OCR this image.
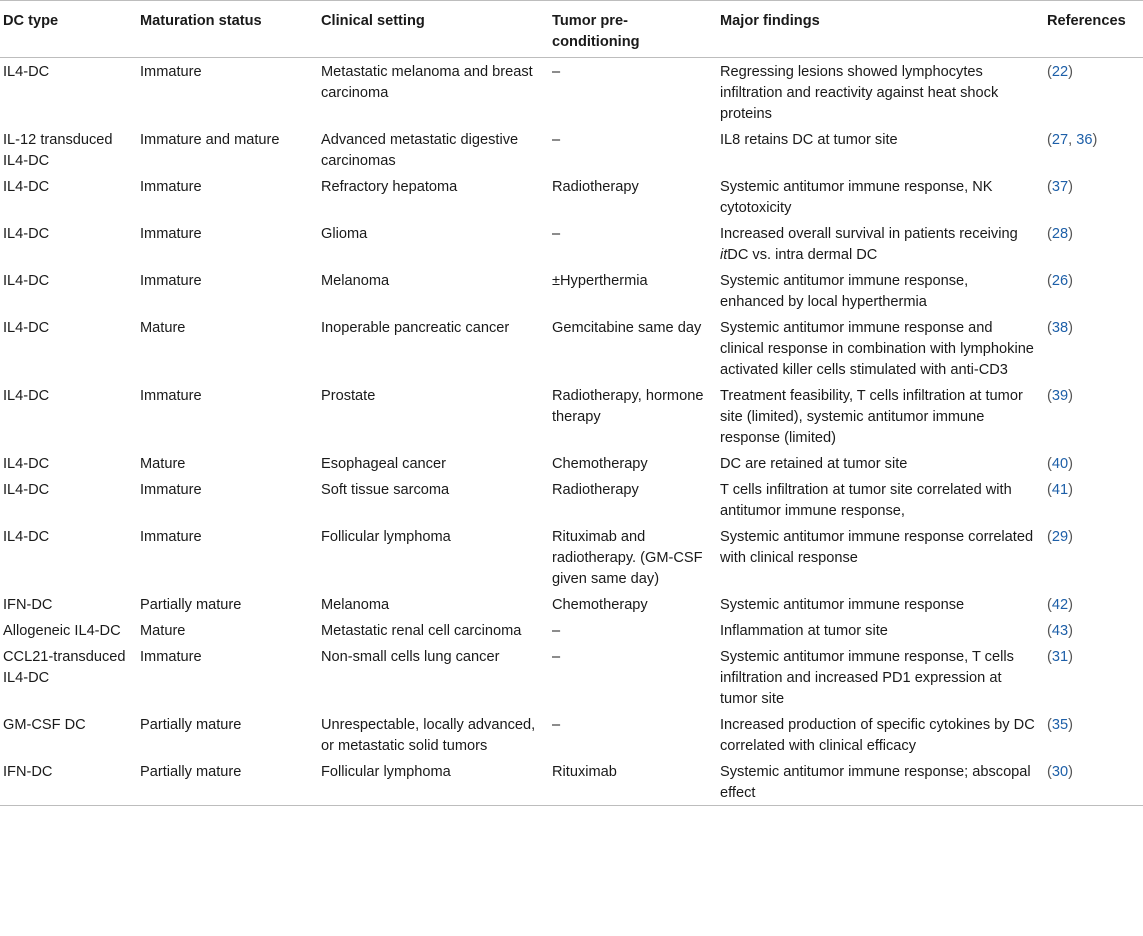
DC type	Maturation status	Clinical setting	Tumor pre-conditioning	Major findings	References
IL4-DC	Immature	Metastatic melanoma and breast carcinoma	–	Regressing lesions showed lymphocytes infiltration and reactivity against heat shock proteins	(22)
IL-12 transduced IL4-DC	Immature and mature	Advanced metastatic digestive carcinomas	–	IL8 retains DC at tumor site	(27, 36)
IL4-DC	Immature	Refractory hepatoma	Radiotherapy	Systemic antitumor immune response, NK cytotoxicity	(37)
IL4-DC	Immature	Glioma	–	Increased overall survival in patients receiving itDC vs. intra dermal DC	(28)
IL4-DC	Immature	Melanoma	±Hyperthermia	Systemic antitumor immune response, enhanced by local hyperthermia	(26)
IL4-DC	Mature	Inoperable pancreatic cancer	Gemcitabine same day	Systemic antitumor immune response and clinical response in combination with lymphokine activated killer cells stimulated with anti-CD3	(38)
IL4-DC	Immature	Prostate	Radiotherapy, hormone therapy	Treatment feasibility, T cells infiltration at tumor site (limited), systemic antitumor immune response (limited)	(39)
IL4-DC	Mature	Esophageal cancer	Chemotherapy	DC are retained at tumor site	(40)
IL4-DC	Immature	Soft tissue sarcoma	Radiotherapy	T cells infiltration at tumor site correlated with antitumor immune response,	(41)
IL4-DC	Immature	Follicular lymphoma	Rituximab and radiotherapy. (GM-CSF given same day)	Systemic antitumor immune response correlated with clinical response	(29)
IFN-DC	Partially mature	Melanoma	Chemotherapy	Systemic antitumor immune response	(42)
Allogeneic IL4-DC	Mature	Metastatic renal cell carcinoma	–	Inflammation at tumor site	(43)
CCL21-transduced IL4-DC	Immature	Non-small cells lung cancer	–	Systemic antitumor immune response, T cells infiltration and increased PD1 expression at tumor site	(31)
GM-CSF DC	Partially mature	Unrespectable, locally advanced, or metastatic solid tumors	–	Increased production of specific cytokines by DC correlated with clinical efficacy	(35)
IFN-DC	Partially mature	Follicular lymphoma	Rituximab	Systemic antitumor immune response; abscopal effect	(30)
